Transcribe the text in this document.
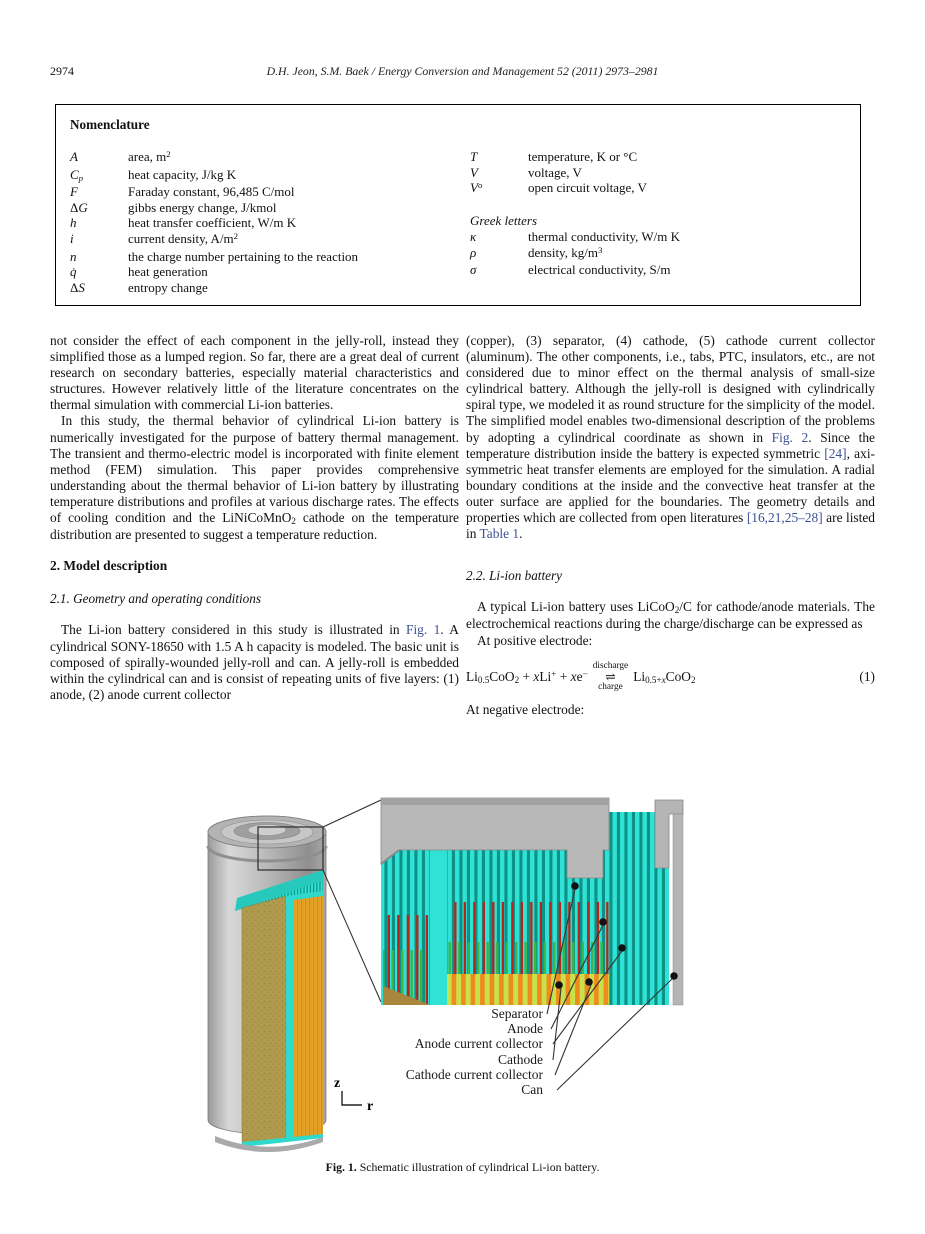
2974	D.H. Jeon, S.M. Baek / Energy Conversion and Management 52 (2011) 2973–2981
Nomenclature
A	area, $m^2$
Cp	heat capacity, J/kg K
F	Faraday constant, 96,485 C/mol
ΔG	gibbs energy change, J/kmol
h	heat transfer coefficient, W/m K
i	current density, $A/m^2$
n	the charge number pertaining to the reaction
q̇	heat generation
ΔS	entropy change
T	temperature, K or °C
V	voltage, V
$V^o$	open circuit voltage, V
Greek letters
κ	thermal conductivity, W/m K
ρ	density, $kg/m^3$
σ	electrical conductivity, S/m

not consider the effect of each component in the jelly-roll, instead they simplified those as a lumped region. So far, there are a great deal of current research on secondary batteries, especially material characteristics and structures. However relatively little of the literature concentrates on the thermal simulation with commercial Li-ion batteries.

In this study, the thermal behavior of cylindrical Li-ion battery is numerically investigated for the purpose of battery thermal management. The transient and thermo-electric model is incorporated with finite element method (FEM) simulation. This paper provides comprehensive understanding about the thermal behavior of Li-ion battery by illustrating temperature distributions and profiles at various discharge rates. The effects of cooling condition and the LiNiCoMnO2 cathode on the temperature distribution are presented to suggest a temperature reduction.

2. Model description
2.1. Geometry and operating conditions

The Li-ion battery considered in this study is illustrated in Fig. 1. A cylindrical SONY-18650 with 1.5 A h capacity is modeled. The basic unit is composed of spirally-wounded jelly-roll and can. A jelly-roll is embedded within the cylindrical can and is consist of repeating units of five layers: (1) anode, (2) anode current collector

(copper), (3) separator, (4) cathode, (5) cathode current collector (aluminum). The other components, i.e., tabs, PTC, insulators, etc., are not considered due to minor effect on the thermal analysis of small-size cylindrical battery. Although the jelly-roll is designed with cylindrically spiral type, we modeled it as round structure for the simplicity of the model. The simplified model enables two-dimensional description of the problems by adopting a cylindrical coordinate as shown in Fig. 2. Since the temperature distribution inside the battery is expected symmetric [24], axi-symmetric heat transfer elements are employed for the simulation. A radial boundary conditions at the inside and the convective heat transfer at the outer surface are applied for the boundaries. The geometry details and properties which are collected from open literatures [16,21,25–28] are listed in Table 1.

2.2. Li-ion battery

A typical Li-ion battery uses LiCoO2/C for cathode/anode materials. The electrochemical reactions during the charge/discharge can be expressed as

At positive electrode:

Li0.5CoO2 + xLi+ + xe−
discharge
⇌
charge
Li0.5+xCoO2	(1)

At negative electrode:

Separator
Anode
Anode current collector
Cathode
Cathode current collector
Can
z
r
Fig. 1. Schematic illustration of cylindrical Li-ion battery.
